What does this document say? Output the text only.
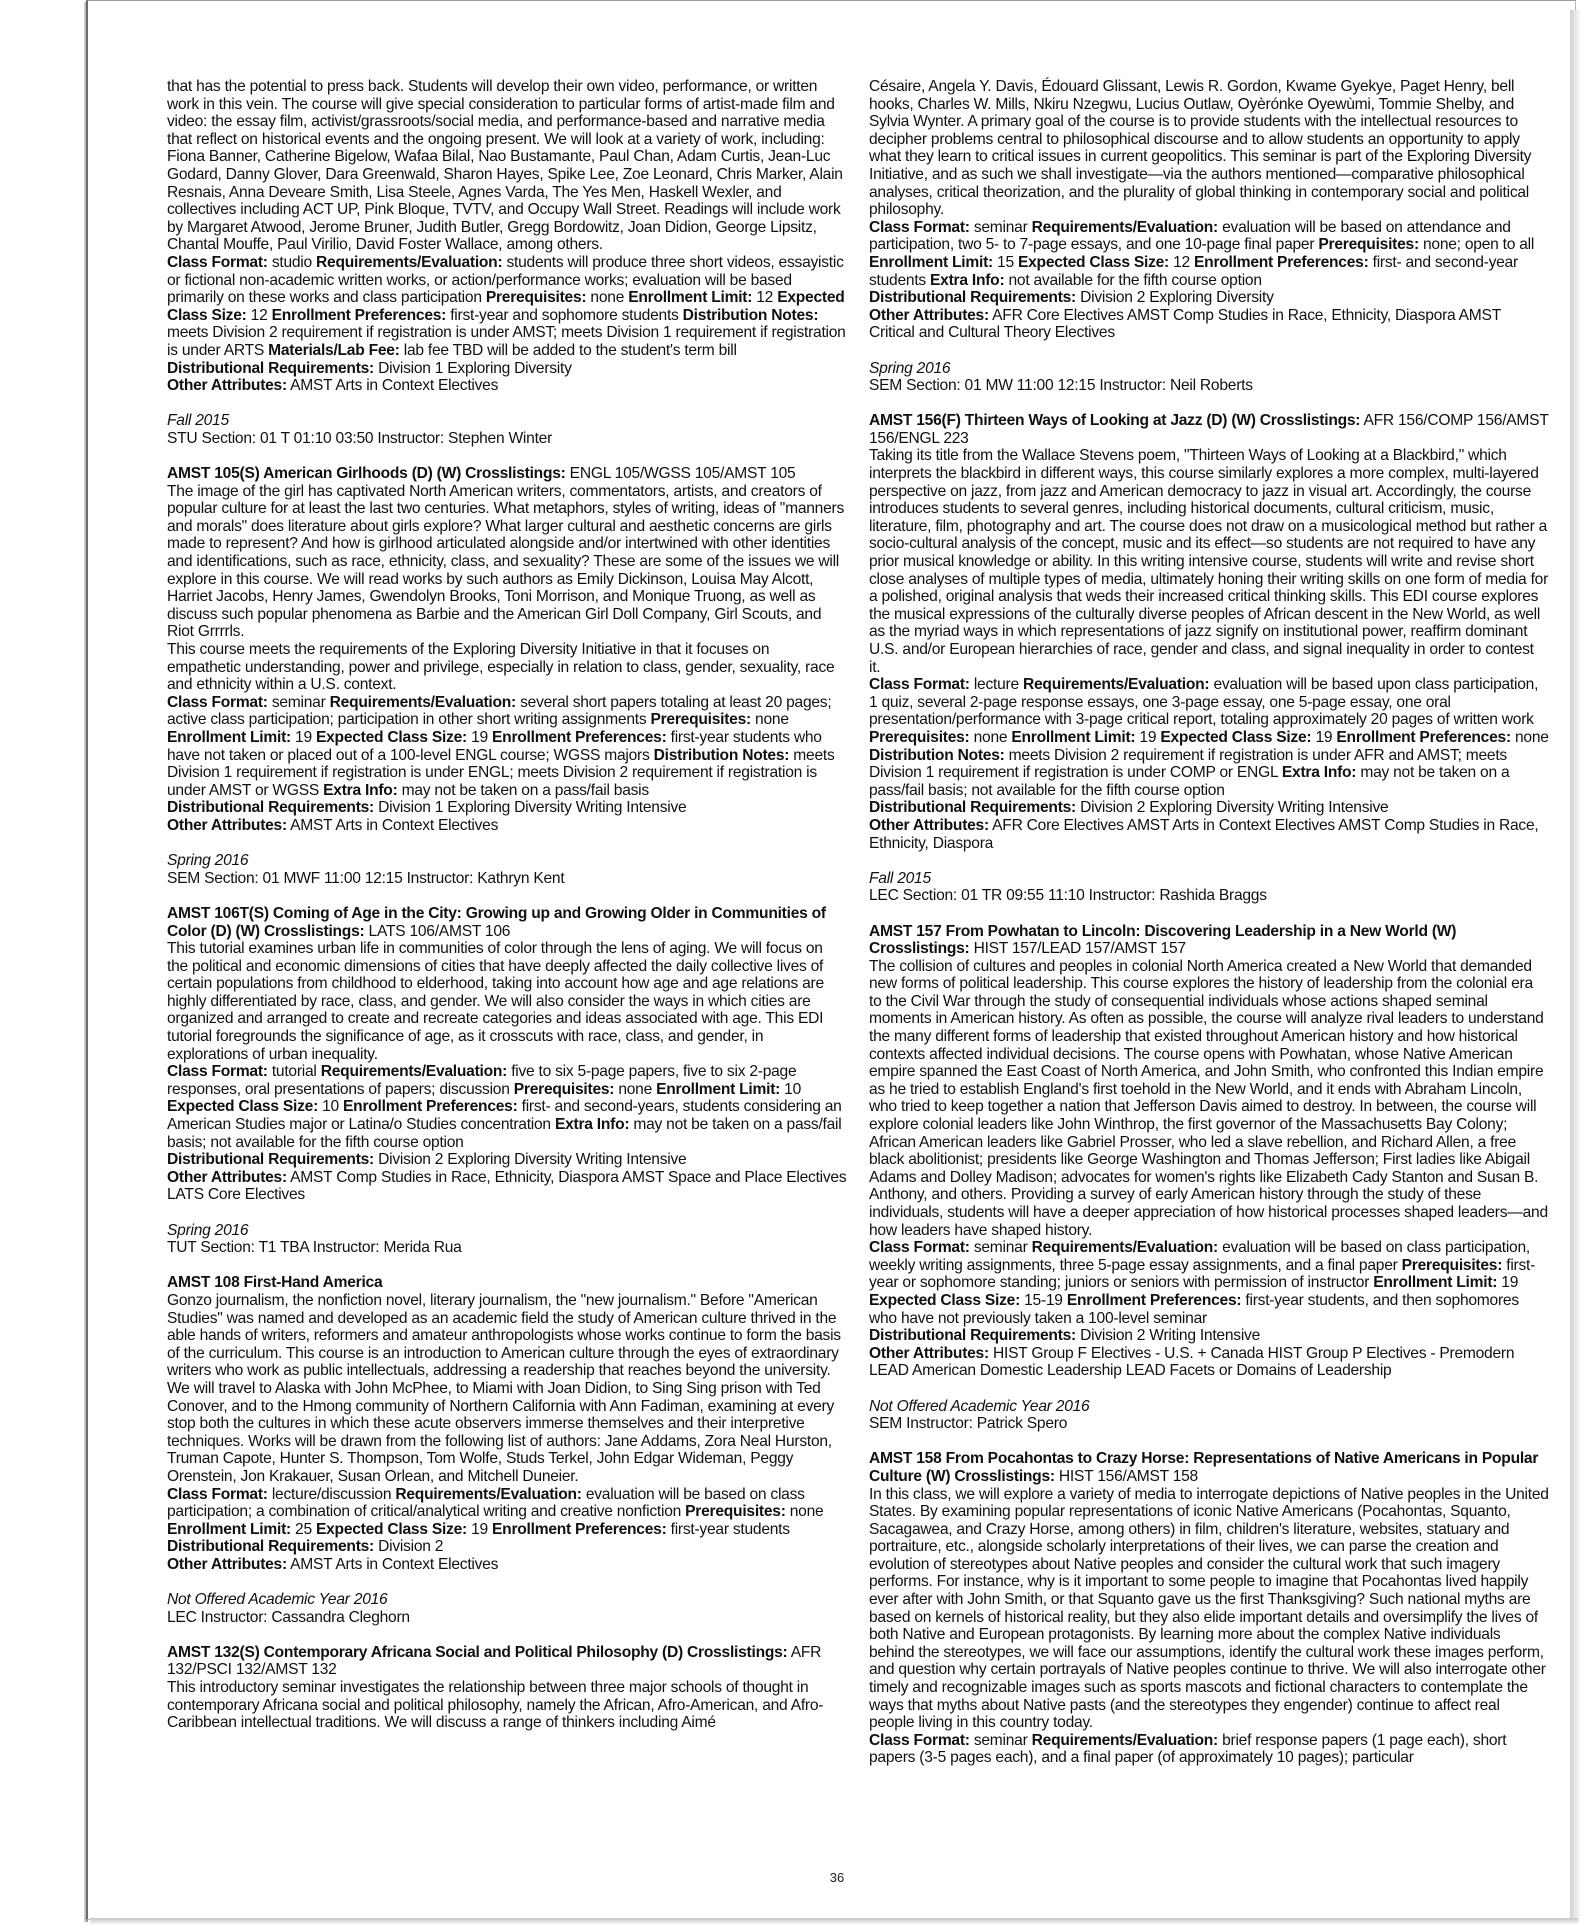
that has the potential to press back. Students will develop their own video, performance, or written work in this vein. The course will give special consideration to particular forms of artist-made film and video: the essay film, activist/grassroots/social media, and performance-based and narrative media that reflect on historical events and the ongoing present. We will look at a variety of work, including: Fiona Banner, Catherine Bigelow, Wafaa Bilal, Nao Bustamante, Paul Chan, Adam Curtis, Jean-Luc Godard, Danny Glover, Dara Greenwald, Sharon Hayes, Spike Lee, Zoe Leonard, Chris Marker, Alain Resnais, Anna Deveare Smith, Lisa Steele, Agnes Varda, The Yes Men, Haskell Wexler, and collectives including ACT UP, Pink Bloque, TVTV, and Occupy Wall Street. Readings will include work by Margaret Atwood, Jerome Bruner, Judith Butler, Gregg Bordowitz, Joan Didion, George Lipsitz, Chantal Mouffe, Paul Virilio, David Foster Wallace, among others.

Class Format: studio Requirements/Evaluation: students will produce three short videos, essayistic or fictional non-academic written works, or action/performance works; evaluation will be based primarily on these works and class participation Prerequisites: none Enrollment Limit: 12 Expected Class Size: 12 Enrollment Preferences: first-year and sophomore students Distribution Notes: meets Division 2 requirement if registration is under AMST; meets Division 1 requirement if registration is under ARTS Materials/Lab Fee: lab fee TBD will be added to the student's term bill

Distributional Requirements: Division 1 Exploring Diversity

Other Attributes: AMST Arts in Context Electives

Fall 2015

STU Section: 01 T 01:10 03:50 Instructor: Stephen Winter

AMST 105(S) American Girlhoods (D) (W) Crosslistings: ENGL 105/WGSS 105/AMST 105

The image of the girl has captivated North American writers, commentators, artists, and creators of popular culture for at least the last two centuries. What metaphors, styles of writing, ideas of "manners and morals" does literature about girls explore? What larger cultural and aesthetic concerns are girls made to represent? And how is girlhood articulated alongside and/or intertwined with other identities and identifications, such as race, ethnicity, class, and sexuality? These are some of the issues we will explore in this course. We will read works by such authors as Emily Dickinson, Louisa May Alcott, Harriet Jacobs, Henry James, Gwendolyn Brooks, Toni Morrison, and Monique Truong, as well as discuss such popular phenomena as Barbie and the American Girl Doll Company, Girl Scouts, and Riot Grrrrls.

This course meets the requirements of the Exploring Diversity Initiative in that it focuses on empathetic understanding, power and privilege, especially in relation to class, gender, sexuality, race and ethnicity within a U.S. context.

Class Format: seminar Requirements/Evaluation: several short papers totaling at least 20 pages; active class participation; participation in other short writing assignments Prerequisites: none Enrollment Limit: 19 Expected Class Size: 19 Enrollment Preferences: first-year students who have not taken or placed out of a 100-level ENGL course; WGSS majors Distribution Notes: meets Division 1 requirement if registration is under ENGL; meets Division 2 requirement if registration is under AMST or WGSS Extra Info: may not be taken on a pass/fail basis

Distributional Requirements: Division 1 Exploring Diversity Writing Intensive

Other Attributes: AMST Arts in Context Electives

Spring 2016

SEM Section: 01 MWF 11:00 12:15 Instructor: Kathryn Kent

AMST 106T(S) Coming of Age in the City: Growing up and Growing Older in Communities of Color (D) (W) Crosslistings: LATS 106/AMST 106

This tutorial examines urban life in communities of color through the lens of aging. We will focus on the political and economic dimensions of cities that have deeply affected the daily collective lives of certain populations from childhood to elderhood, taking into account how age and age relations are highly differentiated by race, class, and gender. We will also consider the ways in which cities are organized and arranged to create and recreate categories and ideas associated with age. This EDI tutorial foregrounds the significance of age, as it crosscuts with race, class, and gender, in explorations of urban inequality.

Class Format: tutorial Requirements/Evaluation: five to six 5-page papers, five to six 2-page responses, oral presentations of papers; discussion Prerequisites: none Enrollment Limit: 10 Expected Class Size: 10 Enrollment Preferences: first- and second-years, students considering an American Studies major or Latina/o Studies concentration Extra Info: may not be taken on a pass/fail basis; not available for the fifth course option

Distributional Requirements: Division 2 Exploring Diversity Writing Intensive

Other Attributes: AMST Comp Studies in Race, Ethnicity, Diaspora AMST Space and Place Electives LATS Core Electives

Spring 2016

TUT Section: T1 TBA Instructor: Merida Rua

AMST 108 First-Hand America

Gonzo journalism, the nonfiction novel, literary journalism, the "new journalism." Before "American Studies" was named and developed as an academic field the study of American culture thrived in the able hands of writers, reformers and amateur anthropologists whose works continue to form the basis of the curriculum. This course is an introduction to American culture through the eyes of extraordinary writers who work as public intellectuals, addressing a readership that reaches beyond the university. We will travel to Alaska with John McPhee, to Miami with Joan Didion, to Sing Sing prison with Ted Conover, and to the Hmong community of Northern California with Ann Fadiman, examining at every stop both the cultures in which these acute observers immerse themselves and their interpretive techniques. Works will be drawn from the following list of authors: Jane Addams, Zora Neal Hurston, Truman Capote, Hunter S. Thompson, Tom Wolfe, Studs Terkel, John Edgar Wideman, Peggy Orenstein, Jon Krakauer, Susan Orlean, and Mitchell Duneier.

Class Format: lecture/discussion Requirements/Evaluation: evaluation will be based on class participation; a combination of critical/analytical writing and creative nonfiction Prerequisites: none Enrollment Limit: 25 Expected Class Size: 19 Enrollment Preferences: first-year students

Distributional Requirements: Division 2

Other Attributes: AMST Arts in Context Electives

Not Offered Academic Year 2016

LEC Instructor: Cassandra Cleghorn

AMST 132(S) Contemporary Africana Social and Political Philosophy (D) Crosslistings: AFR 132/PSCI 132/AMST 132

This introductory seminar investigates the relationship between three major schools of thought in contemporary Africana social and political philosophy, namely the African, Afro-American, and Afro-Caribbean intellectual traditions. We will discuss a range of thinkers including Aimé

Césaire, Angela Y. Davis, Édouard Glissant, Lewis R. Gordon, Kwame Gyekye, Paget Henry, bell hooks, Charles W. Mills, Nkiru Nzegwu, Lucius Outlaw, Oyèrónke Oyewùmi, Tommie Shelby, and Sylvia Wynter. A primary goal of the course is to provide students with the intellectual resources to decipher problems central to philosophical discourse and to allow students an opportunity to apply what they learn to critical issues in current geopolitics. This seminar is part of the Exploring Diversity Initiative, and as such we shall investigate—via the authors mentioned—comparative philosophical analyses, critical theorization, and the plurality of global thinking in contemporary social and political philosophy.

Class Format: seminar Requirements/Evaluation: evaluation will be based on attendance and participation, two 5- to 7-page essays, and one 10-page final paper Prerequisites: none; open to all Enrollment Limit: 15 Expected Class Size: 12 Enrollment Preferences: first- and second-year students Extra Info: not available for the fifth course option

Distributional Requirements: Division 2 Exploring Diversity

Other Attributes: AFR Core Electives AMST Comp Studies in Race, Ethnicity, Diaspora AMST Critical and Cultural Theory Electives

Spring 2016

SEM Section: 01 MW 11:00 12:15 Instructor: Neil Roberts

AMST 156(F) Thirteen Ways of Looking at Jazz (D) (W) Crosslistings: AFR 156/COMP 156/AMST 156/ENGL 223

Taking its title from the Wallace Stevens poem, "Thirteen Ways of Looking at a Blackbird," which interprets the blackbird in different ways, this course similarly explores a more complex, multi-layered perspective on jazz, from jazz and American democracy to jazz in visual art. Accordingly, the course introduces students to several genres, including historical documents, cultural criticism, music, literature, film, photography and art. The course does not draw on a musicological method but rather a socio-cultural analysis of the concept, music and its effect—so students are not required to have any prior musical knowledge or ability. In this writing intensive course, students will write and revise short close analyses of multiple types of media, ultimately honing their writing skills on one form of media for a polished, original analysis that weds their increased critical thinking skills. This EDI course explores the musical expressions of the culturally diverse peoples of African descent in the New World, as well as the myriad ways in which representations of jazz signify on institutional power, reaffirm dominant U.S. and/or European hierarchies of race, gender and class, and signal inequality in order to contest it.

Class Format: lecture Requirements/Evaluation: evaluation will be based upon class participation, 1 quiz, several 2-page response essays, one 3-page essay, one 5-page essay, one oral presentation/performance with 3-page critical report, totaling approximately 20 pages of written work Prerequisites: none Enrollment Limit: 19 Expected Class Size: 19 Enrollment Preferences: none Distribution Notes: meets Division 2 requirement if registration is under AFR and AMST; meets Division 1 requirement if registration is under COMP or ENGL Extra Info: may not be taken on a pass/fail basis; not available for the fifth course option

Distributional Requirements: Division 2 Exploring Diversity Writing Intensive

Other Attributes: AFR Core Electives AMST Arts in Context Electives AMST Comp Studies in Race, Ethnicity, Diaspora

Fall 2015

LEC Section: 01 TR 09:55 11:10 Instructor: Rashida Braggs

AMST 157 From Powhatan to Lincoln: Discovering Leadership in a New World (W) Crosslistings: HIST 157/LEAD 157/AMST 157

The collision of cultures and peoples in colonial North America created a New World that demanded new forms of political leadership. This course explores the history of leadership from the colonial era to the Civil War through the study of consequential individuals whose actions shaped seminal moments in American history. As often as possible, the course will analyze rival leaders to understand the many different forms of leadership that existed throughout American history and how historical contexts affected individual decisions. The course opens with Powhatan, whose Native American empire spanned the East Coast of North America, and John Smith, who confronted this Indian empire as he tried to establish England's first toehold in the New World, and it ends with Abraham Lincoln, who tried to keep together a nation that Jefferson Davis aimed to destroy. In between, the course will explore colonial leaders like John Winthrop, the first governor of the Massachusetts Bay Colony; African American leaders like Gabriel Prosser, who led a slave rebellion, and Richard Allen, a free black abolitionist; presidents like George Washington and Thomas Jefferson; First ladies like Abigail Adams and Dolley Madison; advocates for women's rights like Elizabeth Cady Stanton and Susan B. Anthony, and others. Providing a survey of early American history through the study of these individuals, students will have a deeper appreciation of how historical processes shaped leaders—and how leaders have shaped history.

Class Format: seminar Requirements/Evaluation: evaluation will be based on class participation, weekly writing assignments, three 5-page essay assignments, and a final paper Prerequisites: first-year or sophomore standing; juniors or seniors with permission of instructor Enrollment Limit: 19 Expected Class Size: 15-19 Enrollment Preferences: first-year students, and then sophomores who have not previously taken a 100-level seminar

Distributional Requirements: Division 2 Writing Intensive

Other Attributes: HIST Group F Electives - U.S. + Canada HIST Group P Electives - Premodern LEAD American Domestic Leadership LEAD Facets or Domains of Leadership

Not Offered Academic Year 2016

SEM Instructor: Patrick Spero

AMST 158 From Pocahontas to Crazy Horse: Representations of Native Americans in Popular Culture (W) Crosslistings: HIST 156/AMST 158

In this class, we will explore a variety of media to interrogate depictions of Native peoples in the United States. By examining popular representations of iconic Native Americans (Pocahontas, Squanto, Sacagawea, and Crazy Horse, among others) in film, children's literature, websites, statuary and portraiture, etc., alongside scholarly interpretations of their lives, we can parse the creation and evolution of stereotypes about Native peoples and consider the cultural work that such imagery performs. For instance, why is it important to some people to imagine that Pocahontas lived happily ever after with John Smith, or that Squanto gave us the first Thanksgiving? Such national myths are based on kernels of historical reality, but they also elide important details and oversimplify the lives of both Native and European protagonists. By learning more about the complex Native individuals behind the stereotypes, we will face our assumptions, identify the cultural work these images perform, and question why certain portrayals of Native peoples continue to thrive. We will also interrogate other timely and recognizable images such as sports mascots and fictional characters to contemplate the ways that myths about Native pasts (and the stereotypes they engender) continue to affect real people living in this country today.

Class Format: seminar Requirements/Evaluation: brief response papers (1 page each), short papers (3-5 pages each), and a final paper (of approximately 10 pages); particular

36
